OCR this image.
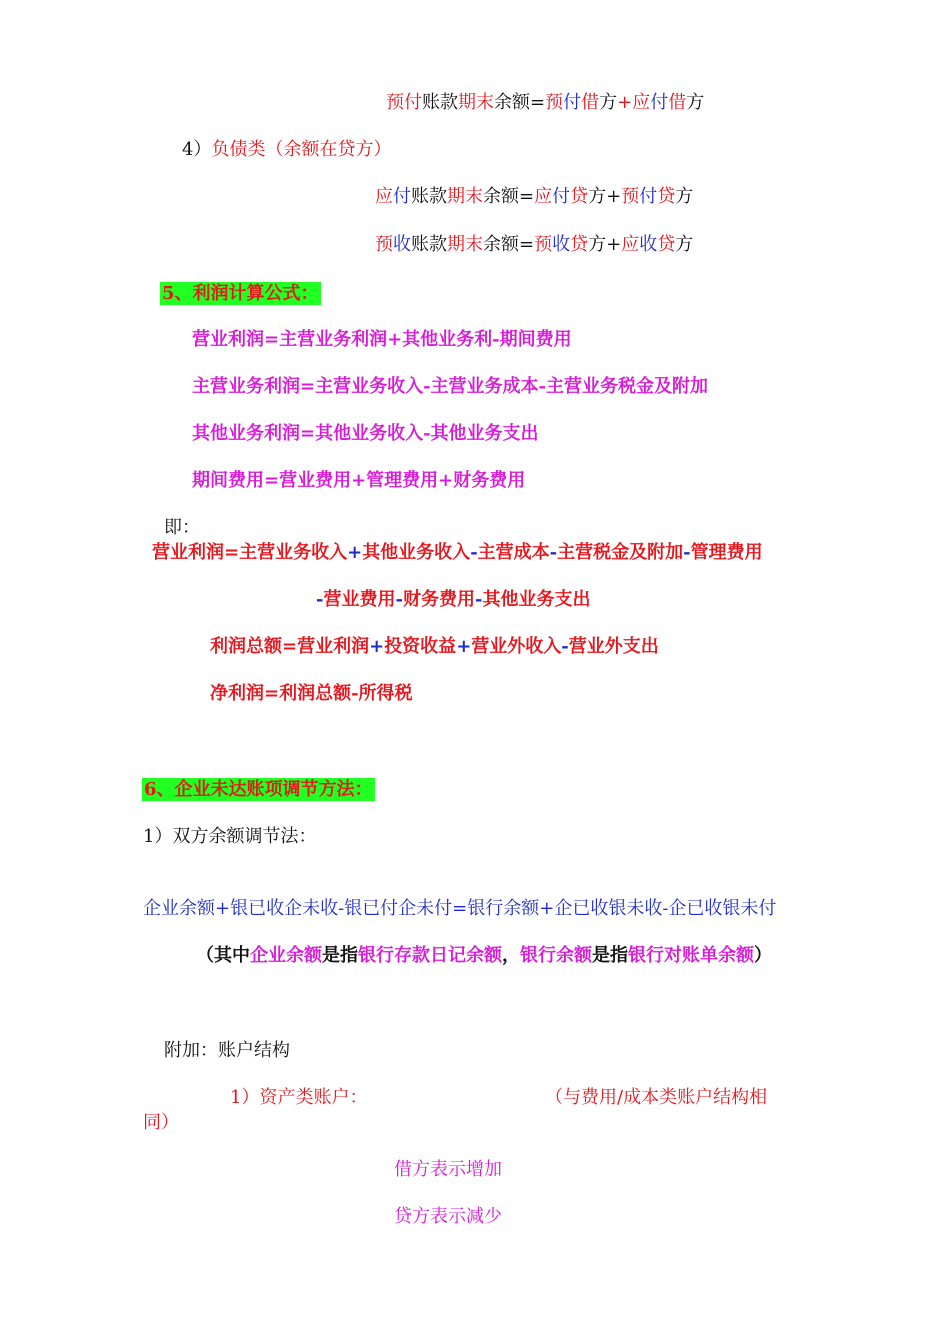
预付账款期末余额=预付借方+应付借方
4）负债类（余额在贷方）
应付账款期末余额=应付贷方+预付贷方
预收账款期末余额=预收贷方+应收贷方
5、利润计算公式：
营业利润=主营业务利润+其他业务利-期间费用
主营业务利润=主营业务收入-主营业务成本-主营业务税金及附加
其他业务利润=其他业务收入-其他业务支出
期间费用=营业费用+管理费用+财务费用
即：
营业利润=主营业务收入+其他业务收入-主营成本-主营税金及附加-管理费用
-营业费用-财务费用-其他业务支出
利润总额=营业利润+投资收益+营业外收入-营业外支出
净利润=利润总额-所得税
6、企业未达账项调节方法：
1）双方余额调节法：
企业余额+银已收企未收-银已付企未付=银行余额+企已收银未收-企已收银未付
（其中企业余额是指银行存款日记余额，银行余额是指银行对账单余额）
附加：账户结构
1）资产类账户：	（与费用/成本类账户结构相
同）
借方表示增加
贷方表示减少
